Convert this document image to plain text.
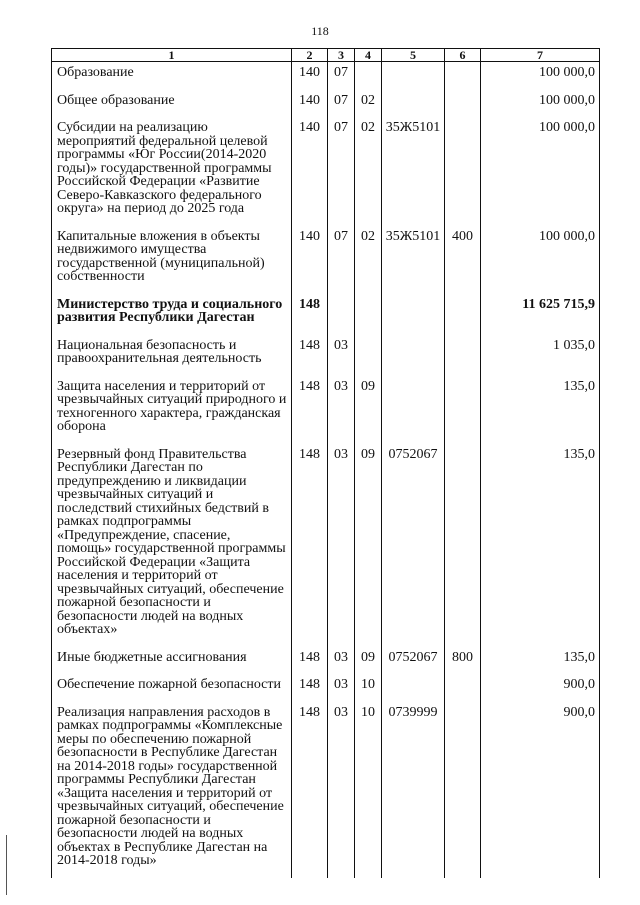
118
1	2	3	4	5	6	7
Образование	140	07				100 000,0
Общее образование	140	07	02			100 000,0
Субсидии на реализацию мероприятий федеральной целевой программы «Юг России(2014-2020 годы)» государственной программы Российской Федерации «Развитие Северо-Кавказского федерального округа» на период до 2025 года	140	07	02	35Ж5101		100 000,0
Капитальные вложения в объекты недвижимого имущества государственной (муниципальной) собственности	140	07	02	35Ж5101	400	100 000,0
Министерство труда и социального развития Республики Дагестан	148					11 625 715,9
Национальная безопасность и правоохранительная деятельность	148	03				1 035,0
Защита населения и территорий от чрезвычайных ситуаций природного и техногенного характера, гражданская оборона	148	03	09			135,0
Резервный фонд Правительства Республики Дагестан по предупреждению и ликвидации чрезвычайных ситуаций и последствий стихийных бедствий в рамках подпрограммы «Предупреждение, спасение, помощь» государственной программы Российской Федерации «Защита населения и территорий от чрезвычайных ситуаций, обеспечение пожарной безопасности и безопасности людей на водных объектах»	148	03	09	0752067		135,0
Иные бюджетные ассигнования	148	03	09	0752067	800	135,0
Обеспечение пожарной безопасности	148	03	10			900,0
Реализация направления расходов в рамках подпрограммы «Комплексные меры по обеспечению пожарной безопасности в Республике Дагестан на 2014-2018 годы» государственной программы Республики Дагестан «Защита населения и территорий от чрезвычайных ситуаций, обеспечение пожарной безопасности и безопасности людей на водных объектах в Республике Дагестан на 2014-2018 годы»	148	03	10	0739999		900,0
